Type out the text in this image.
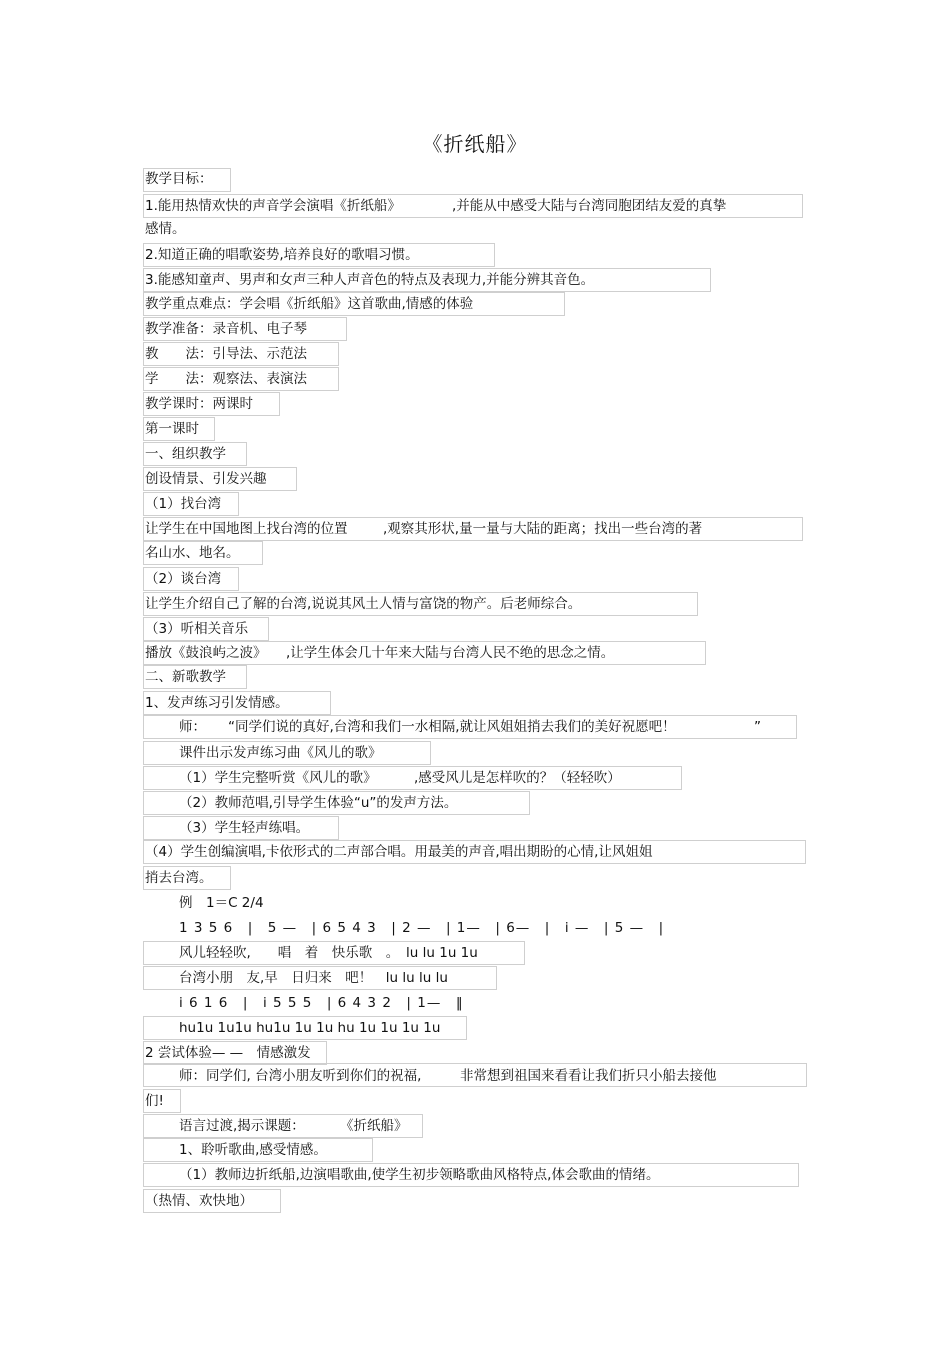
《折纸船》
教学目标：
1.能用热情欢快的声音学会演唱《折纸船》	,并能从中感受大陆与台湾同胞团结友爱的真挚
感情。
2.知道正确的唱歌姿势,培养良好的歌唱习惯。
3.能感知童声、男声和女声三种人声音色的特点及表现力,并能分辨其音色。
教学重点难点：学会唱《折纸船》这首歌曲,情感的体验
教学准备：录音机、电子琴
教　　法：引导法、示范法
学　　法：观察法、表演法
教学课时：两课时
第一课时
一、组织教学
创设情景、引发兴趣
（1）找台湾
让学生在中国地图上找台湾的位置	,观察其形状,量一量与大陆的距离；找出一些台湾的著
名山水、地名。
（2）谈台湾
让学生介绍自己了解的台湾,说说其风土人情与富饶的物产。后老师综合。
（3）听相关音乐
播放《鼓浪屿之波》 ,让学生体会几十年来大陆与台湾人民不绝的思念之情。
二、新歌教学
1、发声练习引发情感。
师： “同学们说的真好,台湾和我们一水相隔,就让风姐姐捎去我们的美好祝愿吧！	”
课件出示发声练习曲《风儿的歌》
（1）学生完整听赏《风儿的歌》	,感受风儿是怎样吹的？（轻轻吹）
（2）教师范唱,引导学生体验“u”的发声方法。
（3）学生轻声练唱。
（4）学生创编演唱,卡依形式的二声部合唱。用最美的声音,唱出期盼的心情,让风姐姐
捎去台湾。
例　1＝C 2/4
1 3 5 6　|　5 —　| 6 5 4 3　| 2 —　| 1—　| 6—　|　i —　| 5 —　|
风儿轻轻吹,　　唱　着　快乐歌　。　lu lu 1u 1u
台湾小朋　友,早　日归来　吧！　lu lu lu lu
i 6 1 6　|　i 5 5 5　| 6 4 3 2　| 1—　‖
hu1u 1u1u hu1u 1u 1u hu 1u 1u 1u 1u
2 尝试体验— —　情感激发
师：同学们, 台湾小朋友听到你们的祝福,	非常想到祖国来看看让我们折只小船去接他
们!
语言过渡,揭示课题：	《折纸船》
1、聆听歌曲,感受情感。
（1）教师边折纸船,边演唱歌曲,使学生初步领略歌曲风格特点,体会歌曲的情绪。
（热情、欢快地）
